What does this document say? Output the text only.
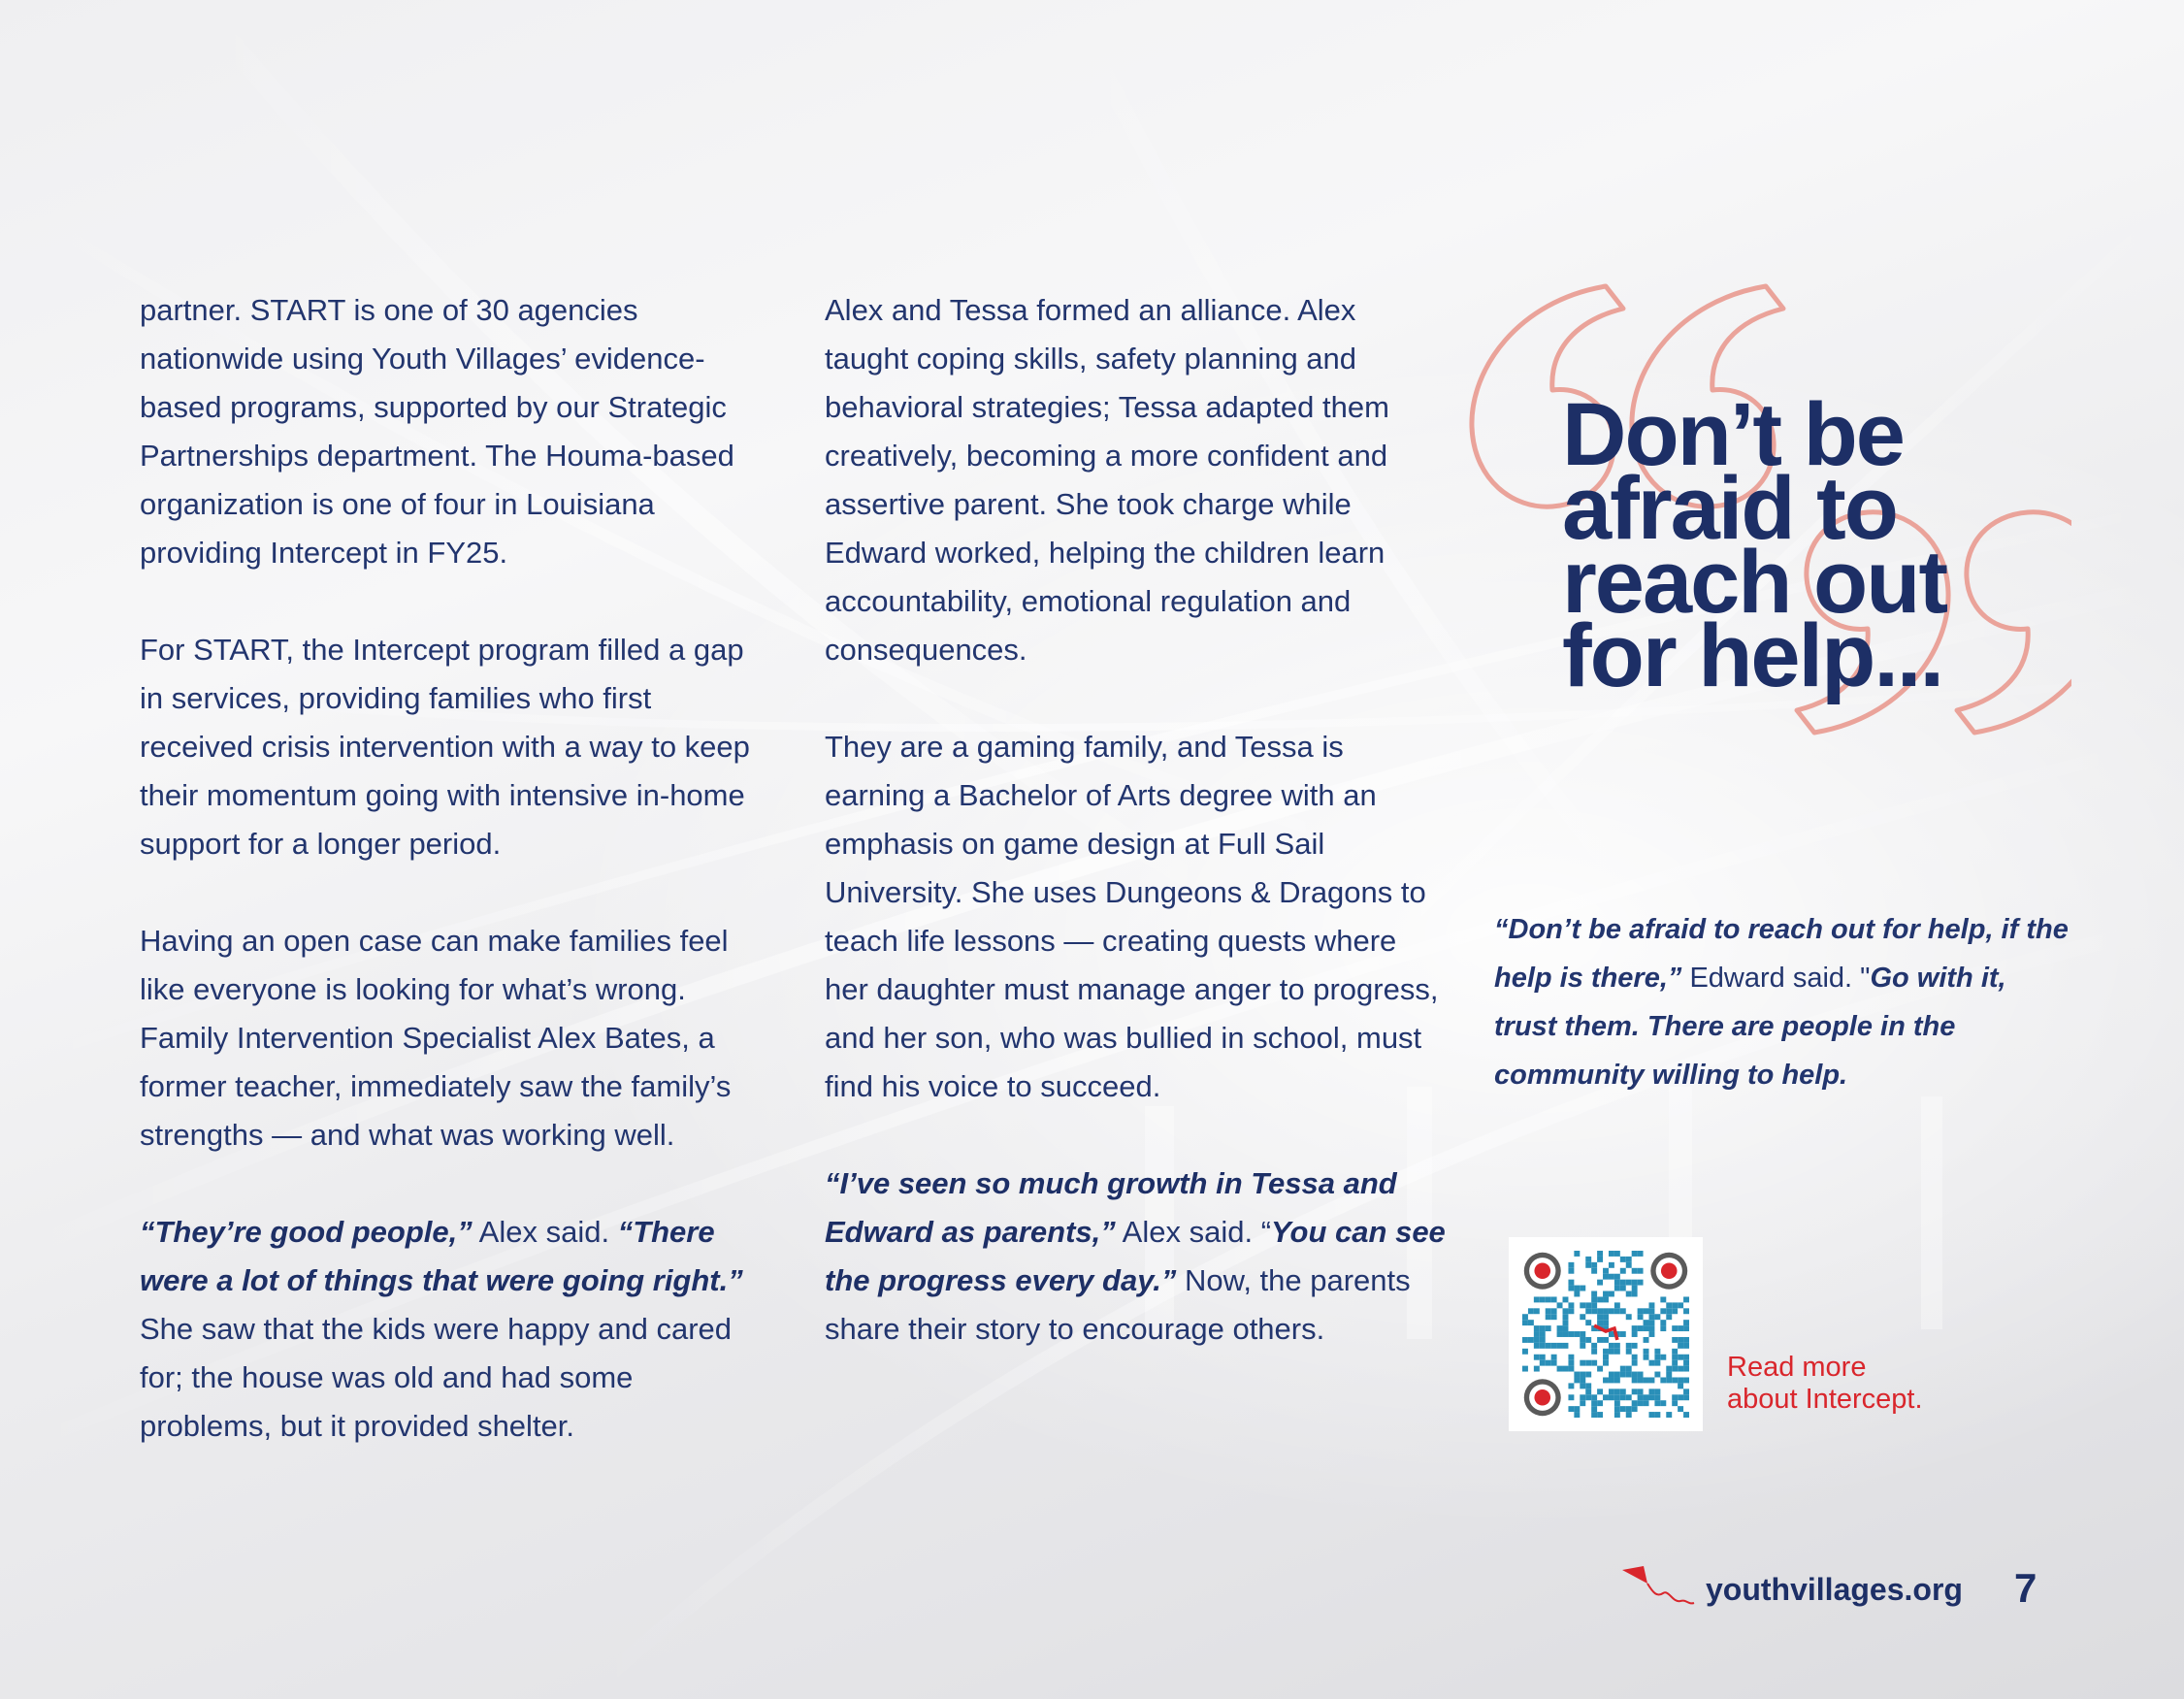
partner. START is one of 30 agencies nationwide using Youth Villages’ evidence-based programs, supported by our Strategic Partnerships department. The Houma-based organization is one of four in Louisiana providing Intercept in FY25.

For START, the Intercept program filled a gap in services, providing families who first received crisis intervention with a way to keep their momentum going with intensive in-home support for a longer period.

Having an open case can make families feel like everyone is looking for what’s wrong. Family Intervention Specialist Alex Bates, a former teacher, immediately saw the family’s strengths — and what was working well.

“They’re good people,” Alex said. “There were a lot of things that were going right.” She saw that the kids were happy and cared for; the house was old and had some problems, but it provided shelter.

Alex and Tessa formed an alliance. Alex taught coping skills, safety planning and behavioral strategies; Tessa adapted them creatively, becoming a more confident and assertive parent. She took charge while Edward worked, helping the children learn accountability, emotional regulation and consequences.

They are a gaming family, and Tessa is earning a Bachelor of Arts degree with an emphasis on game design at Full Sail University. She uses Dungeons & Dragons to teach life lessons — creating quests where her daughter must manage anger to progress, and her son, who was bullied in school, must find his voice to succeed.

“I’ve seen so much growth in Tessa and Edward as parents,” Alex said. “You can see the progress every day.” Now, the parents share their story to encourage others.

Don’t be
afraid to
reach out
for help...

“Don’t be afraid to reach out for help, if the help is there,” Edward said. "Go with it, trust them. There are people in the community willing to help.

Read more
about Intercept.
youthvillages.org 7
